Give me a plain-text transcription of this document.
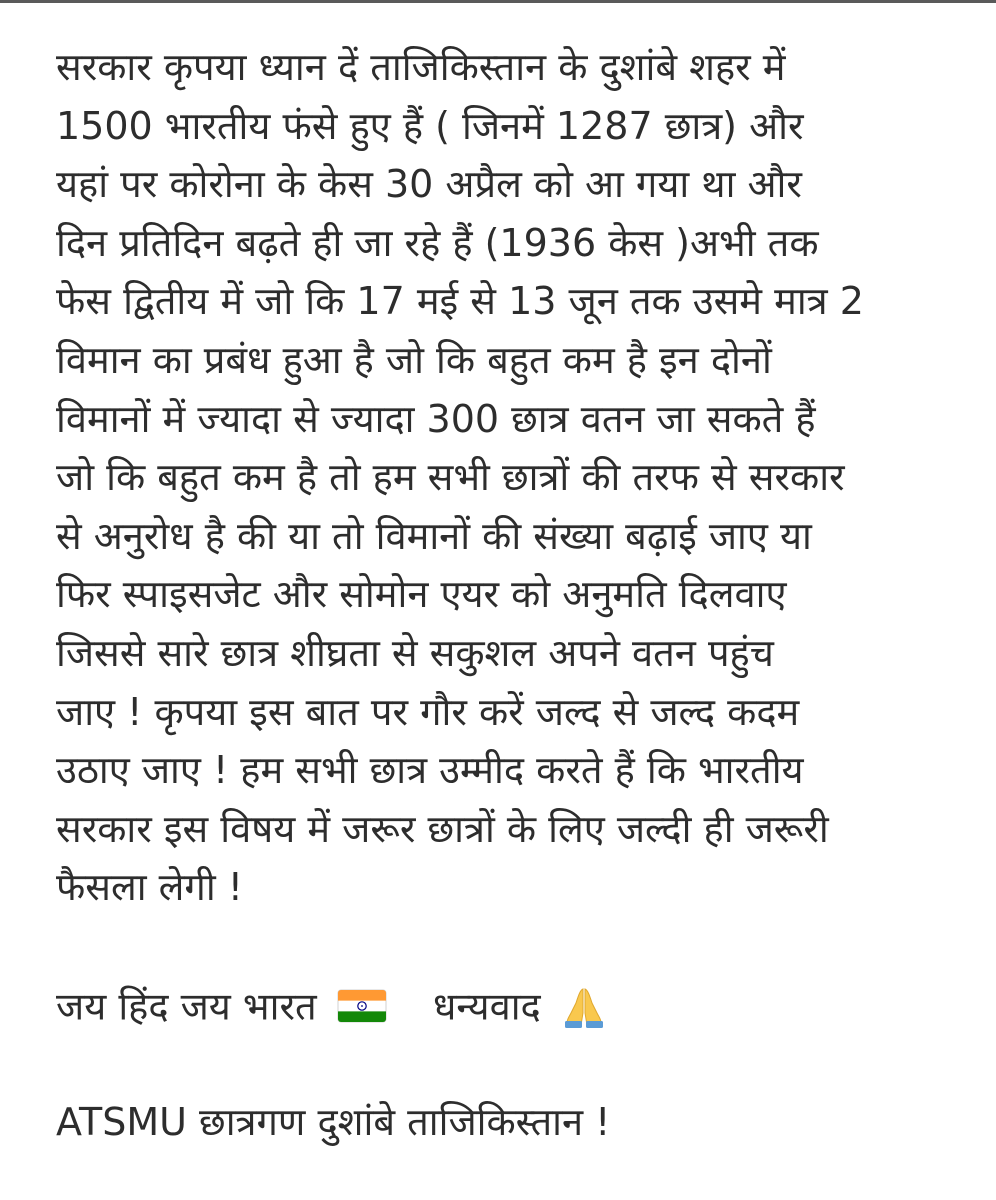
सरकार कृपया ध्यान दें ताजिकिस्तान के दुशांबे शहर में
1500 भारतीय फंसे हुए हैं ( जिनमें 1287 छात्र) और
यहां पर कोरोना के केस 30 अप्रैल को आ गया था और
दिन प्रतिदिन बढ़ते ही जा रहे हैं (1936 केस )अभी तक
फेस द्वितीय में जो कि 17 मई से 13 जून तक उसमे मात्र 2
विमान का प्रबंध हुआ है जो कि बहुत कम है इन दोनों
विमानों में ज्यादा से ज्यादा 300 छात्र वतन जा सकते हैं
जो कि बहुत कम है तो हम सभी छात्रों की तरफ से सरकार
से अनुरोध है की या तो विमानों की संख्या बढ़ाई जाए या
फिर स्पाइसजेट और सोमोन एयर को अनुमति दिलवाए
जिससे सारे छात्र शीघ्रता से सकुशल अपने वतन पहुंच
जाए ! कृपया इस बात पर गौर करें जल्द से जल्द कदम
उठाए जाए ! हम सभी छात्र उम्मीद करते हैं कि भारतीय
सरकार इस विषय में जरूर छात्रों के लिए जल्दी ही जरूरी
फैसला लेगी !

जय हिंद जय भारत	धन्यवाद
ATSMU छात्रगण दुशांबे ताजिकिस्तान !
